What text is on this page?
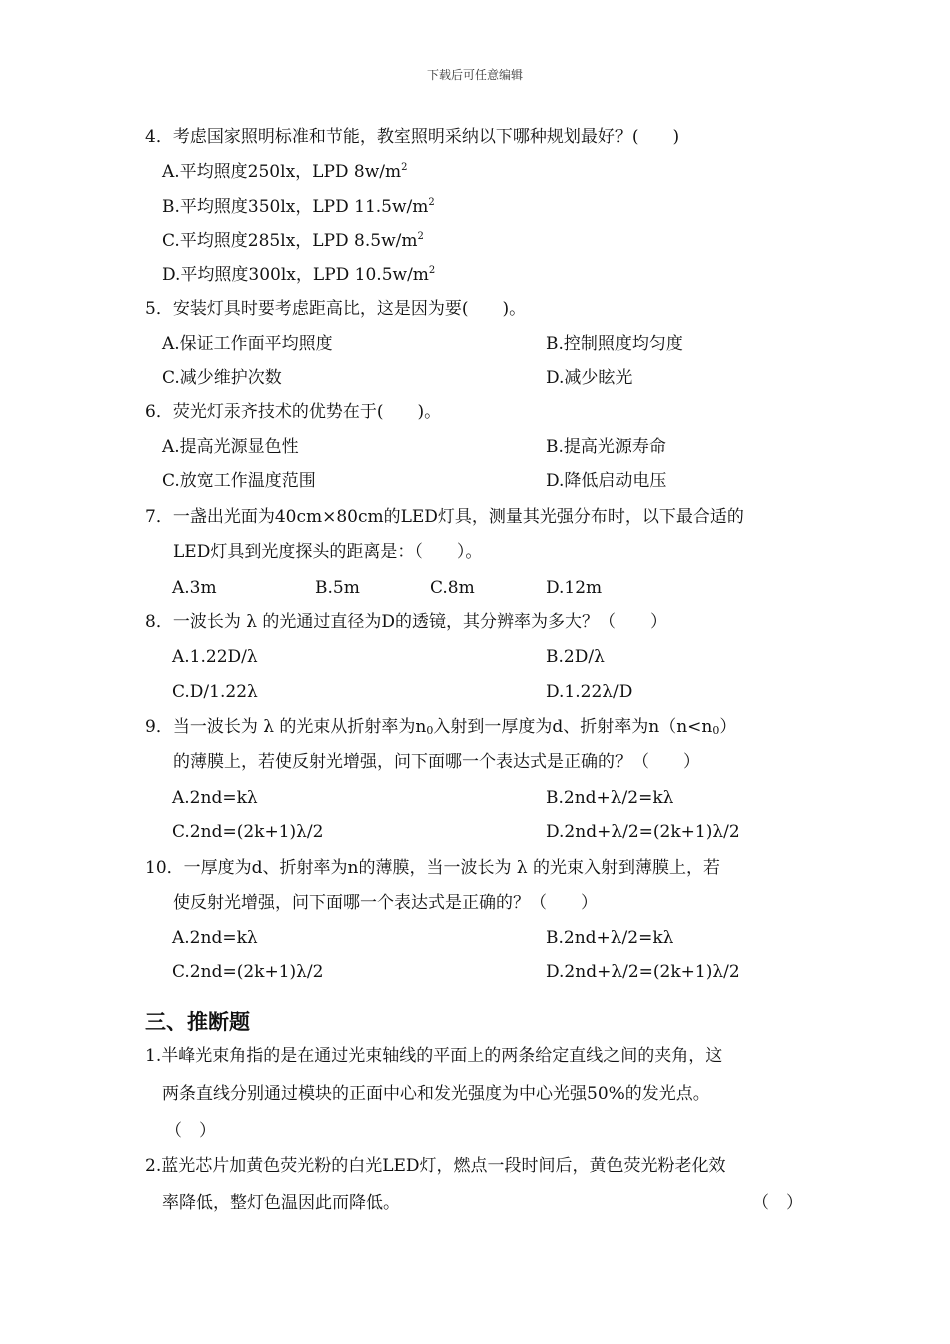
下载后可任意编辑
4．考虑国家照明标准和节能，教室照明采纳以下哪种规划最好？(　　)
A.平均照度250lx，LPD $8w/m^2$
B.平均照度350lx，LPD $11.5w/m^2$
C.平均照度285lx，LPD $8.5w/m^2$
D.平均照度300lx，LPD $10.5w/m^2$
5．安装灯具时要考虑距高比，这是因为要(　　)。
A.保证工作面平均照度	B.控制照度均匀度
C.减少维护次数	D.减少眩光
6．荧光灯汞齐技术的优势在于(　　)。
A.提高光源显色性	B.提高光源寿命
C.放宽工作温度范围	D.降低启动电压
7．一盏出光面为40cm×80cm的LED灯具，测量其光强分布时，以下最合适的
LED灯具到光度探头的距离是：（　　）。
A.3m	B.5m	C.8m	D.12m
8．一波长为 λ 的光通过直径为D的透镜，其分辨率为多大？（　　）
A.1.22D/λ	B.2D/λ
C.D/1.22λ	D.1.22λ/D
9．当一波长为 λ 的光束从折射率为$n_0$入射到一厚度为d、折射率为$n(n<n_0)$
的薄膜上，若使反射光增强，问下面哪一个表达式是正确的？（　　）
A.2nd=kλ	B.2nd+λ/2=kλ
C.2nd=(2k+1)λ/2	D.2nd+λ/2=(2k+1)λ/2
10．一厚度为d、折射率为n的薄膜，当一波长为 λ 的光束入射到薄膜上，若
使反射光增强，问下面哪一个表达式是正确的？（　　）
A.2nd=kλ	B.2nd+λ/2=kλ
C.2nd=(2k+1)λ/2	D.2nd+λ/2=(2k+1)λ/2
三、推断题
1.半峰光束角指的是在通过光束轴线的平面上的两条给定直线之间的夹角，这
两条直线分别通过模块的正面中心和发光强度为中心光强50%的发光点。
（　）
2.蓝光芯片加黄色荧光粉的白光LED灯，燃点一段时间后，黄色荧光粉老化效
率降低，整灯色温因此而降低。	（　）
